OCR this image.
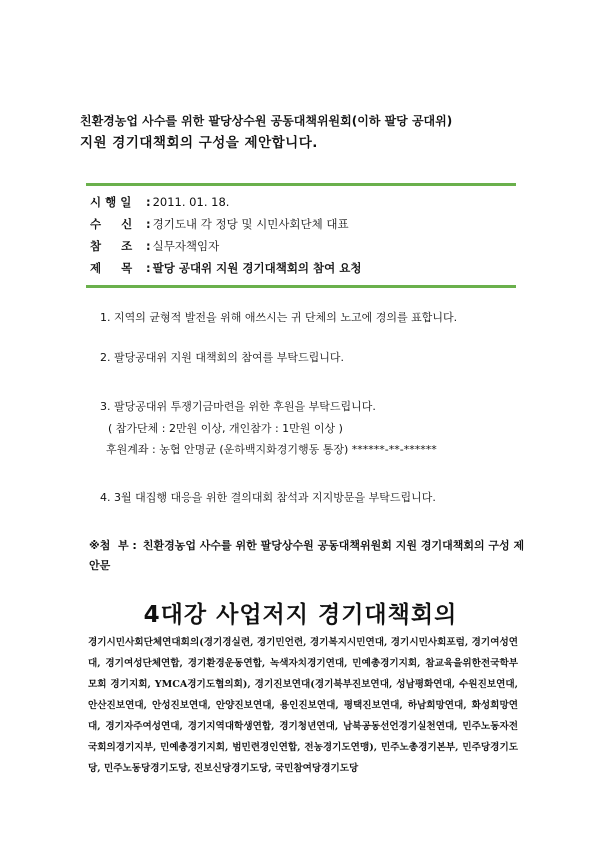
친환경농업 사수를 위한 팔당상수원 공동대책위원회(이하 팔당 공대위)
지원 경기대책회의 구성을 제안합니다.
시 행 일 : 2011. 01. 18.
수     신 : 경기도내 각 정당 및 시민사회단체 대표
참     조 : 실무자책임자
제     목 : 팔당 공대위 지원 경기대책회의 참여 요청
1. 지역의 균형적 발전을 위해 애쓰시는 귀 단체의 노고에 경의를 표합니다.
2. 팔당공대위 지원 대책회의 참여를 부탁드립니다.
3. 팔당공대위 투쟁기금마련을 위한 후원을 부탁드립니다.
( 참가단체 : 2만원 이상, 개인참가 : 1만원 이상 )
후원계좌 : 농협 안명균 (운하백지화경기행동 통장) ******-**-******
4. 3월 대집행 대응을 위한 결의대회 참석과 지지방문을 부탁드립니다.
※첨  부 : 친환경농업 사수를 위한 팔당상수원 공동대책위원회 지원 경기대책회의 구성 제안문
4대강 사업저지 경기대책회의
경기시민사회단체연대회의(경기경실련, 경기민언련, 경기복지시민연대, 경기시민사회포럼, 경기여성연대, 경기여성단체연합, 경기환경운동연합, 녹색자치경기연대, 민예총경기지회, 참교육을위한전국학부모회 경기지회, YMCA경기도협의회), 경기진보연대(경기북부진보연대, 성남평화연대, 수원진보연대, 안산진보연대, 안성진보연대, 안양진보연대, 용인진보연대, 평택진보연대, 하남희망연대, 화성희망연대, 경기자주여성연대, 경기지역대학생연합, 경기청년연대, 남북공동선언경기실천연대, 민주노동자전국회의경기지부, 민예총경기지회, 범민련경인연합, 전농경기도연맹), 민주노총경기본부, 민주당경기도당, 민주노동당경기도당, 진보신당경기도당, 국민참여당경기도당
